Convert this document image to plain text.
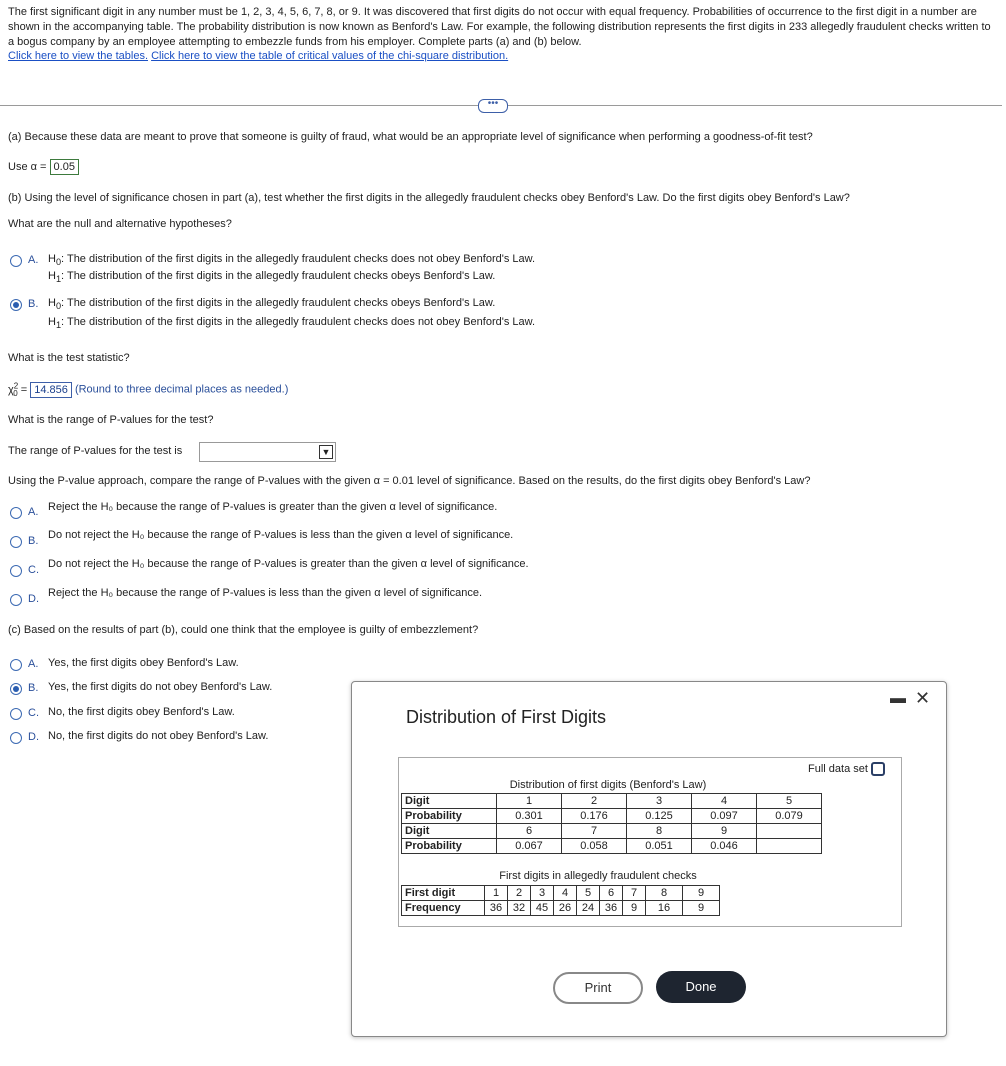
The first significant digit in any number must be 1, 2, 3, 4, 5, 6, 7, 8, or 9. It was discovered that first digits do not occur with equal frequency. Probabilities of occurrence to the first digit in a number are shown in the accompanying table. The probability distribution is now known as Benford's Law. For example, the following distribution represents the first digits in 233 allegedly fraudulent checks written to a bogus company by an employee attempting to embezzle funds from his employer. Complete parts (a) and (b) below.
Click here to view the tables. Click here to view the table of critical values of the chi-square distribution.
•••
(a) Because these data are meant to prove that someone is guilty of fraud, what would be an appropriate level of significance when performing a goodness-of-fit test?
Use α = 0.05
(b) Using the level of significance chosen in part (a), test whether the first digits in the allegedly fraudulent checks obey Benford's Law. Do the first digits obey Benford's Law?
What are the null and alternative hypotheses?
A. $H_0$: The distribution of the first digits in the allegedly fraudulent checks does not obey Benford's Law.
$H_1$: The distribution of the first digits in the allegedly fraudulent checks obeys Benford's Law.
B. $H_0$: The distribution of the first digits in the allegedly fraudulent checks obeys Benford's Law.
$H_1$: The distribution of the first digits in the allegedly fraudulent checks does not obey Benford's Law.
What is the test statistic?
$\chi^2_0 = 14.856$ (Round to three decimal places as needed.)
What is the range of P-values for the test?
The range of P-values for the test is	▼
Using the P-value approach, compare the range of P-values with the given α = 0.01 level of significance. Based on the results, do the first digits obey Benford's Law?
A. Reject the H₀ because the range of P-values is greater than the given α level of significance.
B. Do not reject the H₀ because the range of P-values is less than the given α level of significance.
C. Do not reject the H₀ because the range of P-values is greater than the given α level of significance.
D. Reject the H₀ because the range of P-values is less than the given α level of significance.
(c) Based on the results of part (b), could one think that the employee is guilty of embezzlement?
A. Yes, the first digits obey Benford's Law.
B. Yes, the first digits do not obey Benford's Law.
C. No, the first digits obey Benford's Law.
D. No, the first digits do not obey Benford's Law.
Distribution of First Digits
▬ ✕
Full data set
Distribution of first digits (Benford's Law)
Digit	1	2	3	4	5
Probability	0.301	0.176	0.125	0.097	0.079
Digit	6	7	8	9	
Probability	0.067	0.058	0.051	0.046	
First digits in allegedly fraudulent checks
First digit	1	2	3	4	5	6	7	8	9
Frequency	36	32	45	26	24	36	9	16	9
Print	Done
